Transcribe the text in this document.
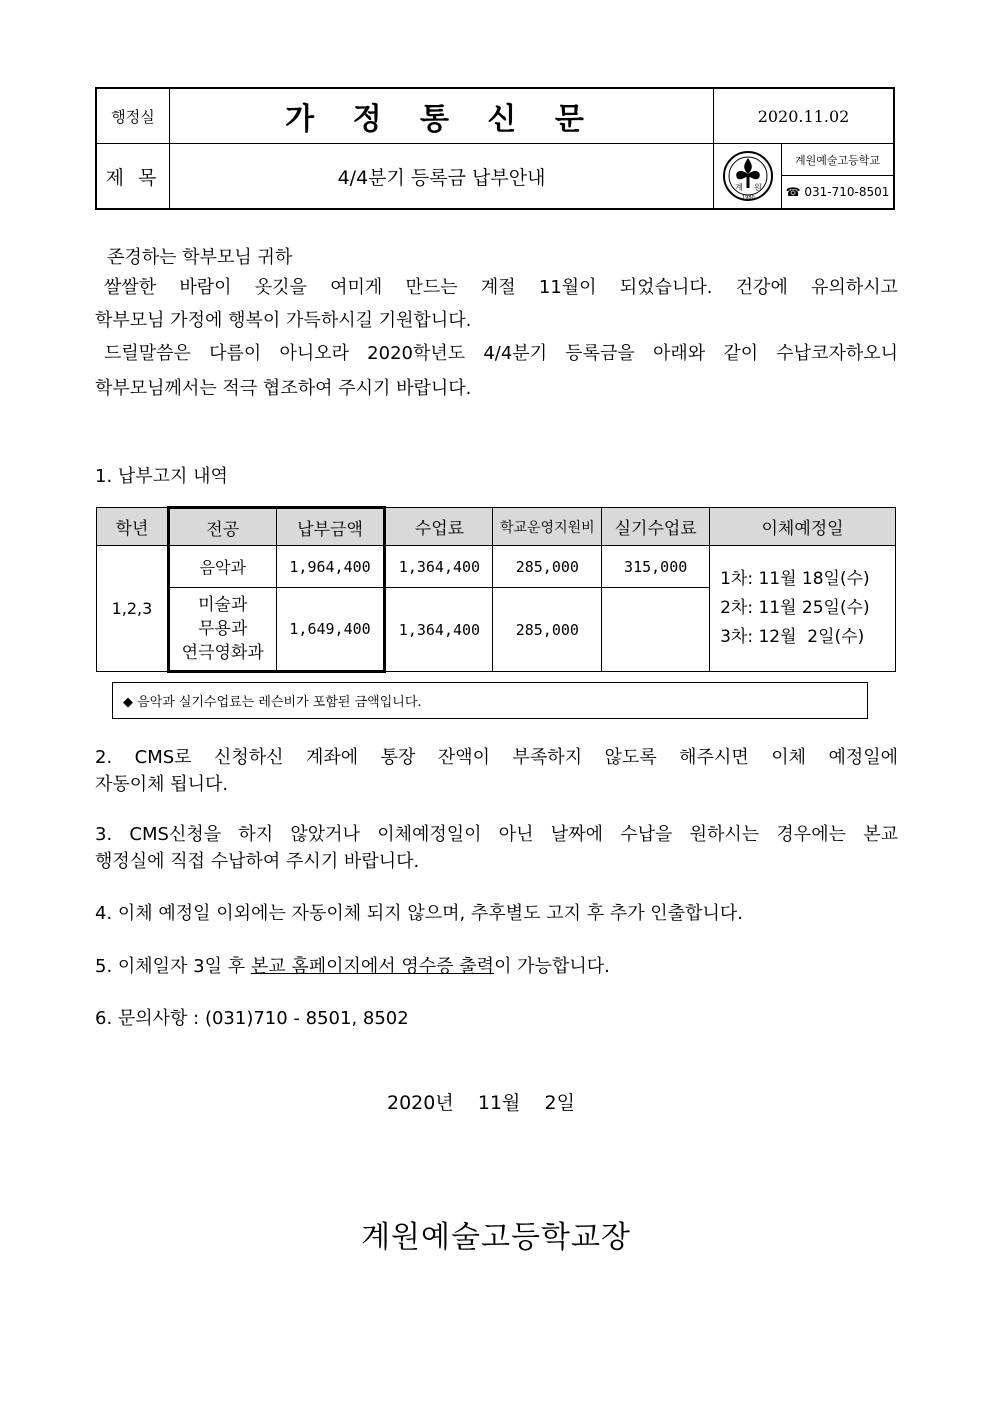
행정실	가 정 통 신 문	2020.11.02
제 목	4/4분기 등록금 납부안내	계 원
1980
계원예술고등학교
☎ 031-710-8501
존경하는 학부모님 귀하
쌀쌀한 바람이 옷깃을 여미게 만드는 계절 11월이 되었습니다. 건강에 유의하시고
학부모님 가정에 행복이 가득하시길 기원합니다.
드릴말씀은 다름이 아니오라 2020학년도 4/4분기 등록금을 아래와 같이 수납코자하오니
학부모님께서는 적극 협조하여 주시기 바랍니다.
1. 납부고지 내역
학년	전공	납부금액	수업료	학교운영지원비	실기수업료	이체예정일
1,2,3	음악과	1,964,400	1,364,400	285,000	315,000	1차: 11월 18일(수)
2차: 11월 25일(수)
3차: 12월  2일(수)

	미술과
무용과
연극영화과	1,649,400	1,364,400	285,000		
◆ 음악과 실기수업료는 레슨비가 포함된 금액입니다.
2. CMS로 신청하신 계좌에 통장 잔액이 부족하지 않도록 해주시면 이체 예정일에
자동이체 됩니다.
3. CMS신청을 하지 않았거나 이체예정일이 아닌 날짜에 수납을 원하시는 경우에는 본교
행정실에 직접 수납하여 주시기 바랍니다.
4. 이체 예정일 이외에는 자동이체 되지 않으며, 추후별도 고지 후 추가 인출합니다.
5. 이체일자 3일 후 본교 홈페이지에서 영수증 출력이 가능합니다.
6. 문의사항 : (031)710 - 8501, 8502
2020년    11월    2일
계원예술고등학교장
